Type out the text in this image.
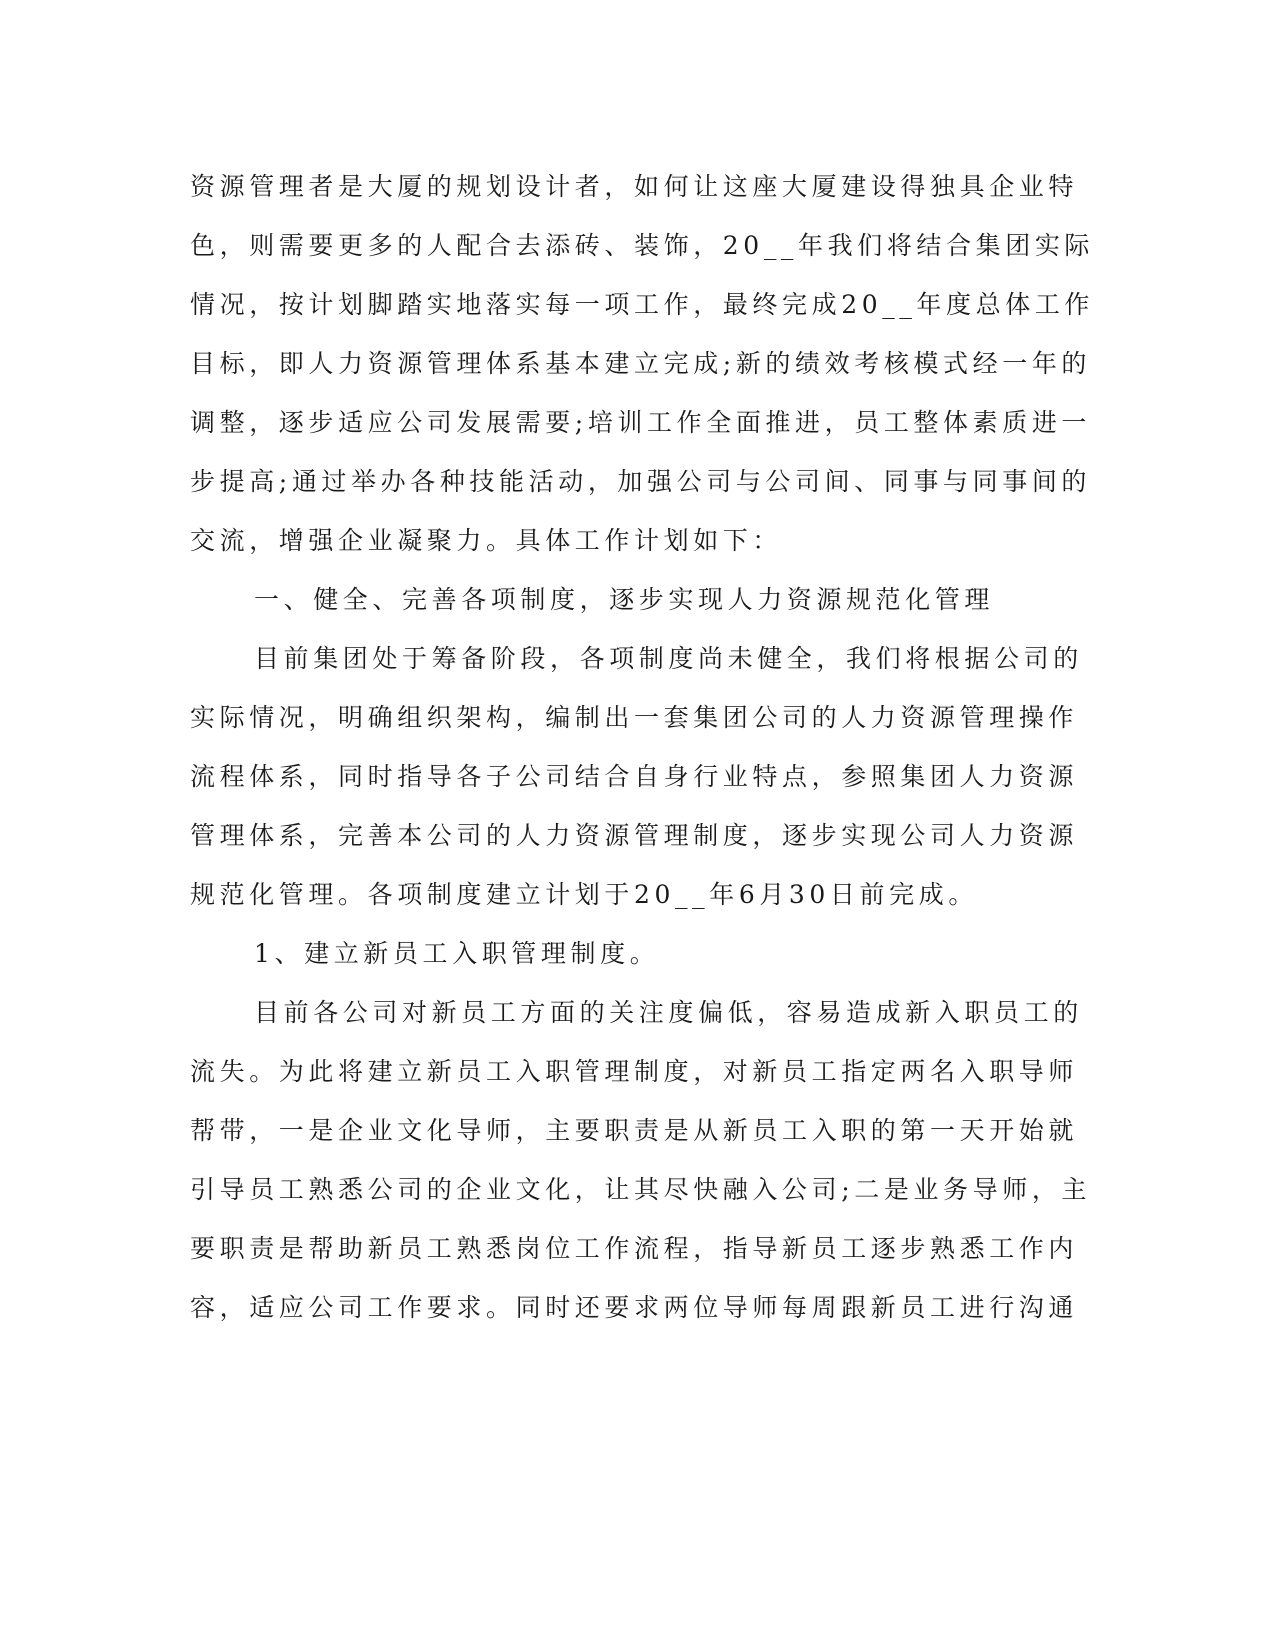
资源管理者是大厦的规划设计者，如何让这座大厦建设得独具企业特
色，则需要更多的人配合去添砖、装饰，20__年我们将结合集团实际
情况，按计划脚踏实地落实每一项工作，最终完成20__年度总体工作
目标，即人力资源管理体系基本建立完成;新的绩效考核模式经一年的
调整，逐步适应公司发展需要;培训工作全面推进，员工整体素质进一
步提高;通过举办各种技能活动，加强公司与公司间、同事与同事间的
交流，增强企业凝聚力。具体工作计划如下：
一、健全、完善各项制度，逐步实现人力资源规范化管理
目前集团处于筹备阶段，各项制度尚未健全，我们将根据公司的
实际情况，明确组织架构，编制出一套集团公司的人力资源管理操作
流程体系，同时指导各子公司结合自身行业特点，参照集团人力资源
管理体系，完善本公司的人力资源管理制度，逐步实现公司人力资源
规范化管理。各项制度建立计划于20__年6月30日前完成。
1、建立新员工入职管理制度。
目前各公司对新员工方面的关注度偏低，容易造成新入职员工的
流失。为此将建立新员工入职管理制度，对新员工指定两名入职导师
帮带，一是企业文化导师，主要职责是从新员工入职的第一天开始就
引导员工熟悉公司的企业文化，让其尽快融入公司;二是业务导师，主
要职责是帮助新员工熟悉岗位工作流程，指导新员工逐步熟悉工作内
容，适应公司工作要求。同时还要求两位导师每周跟新员工进行沟通
